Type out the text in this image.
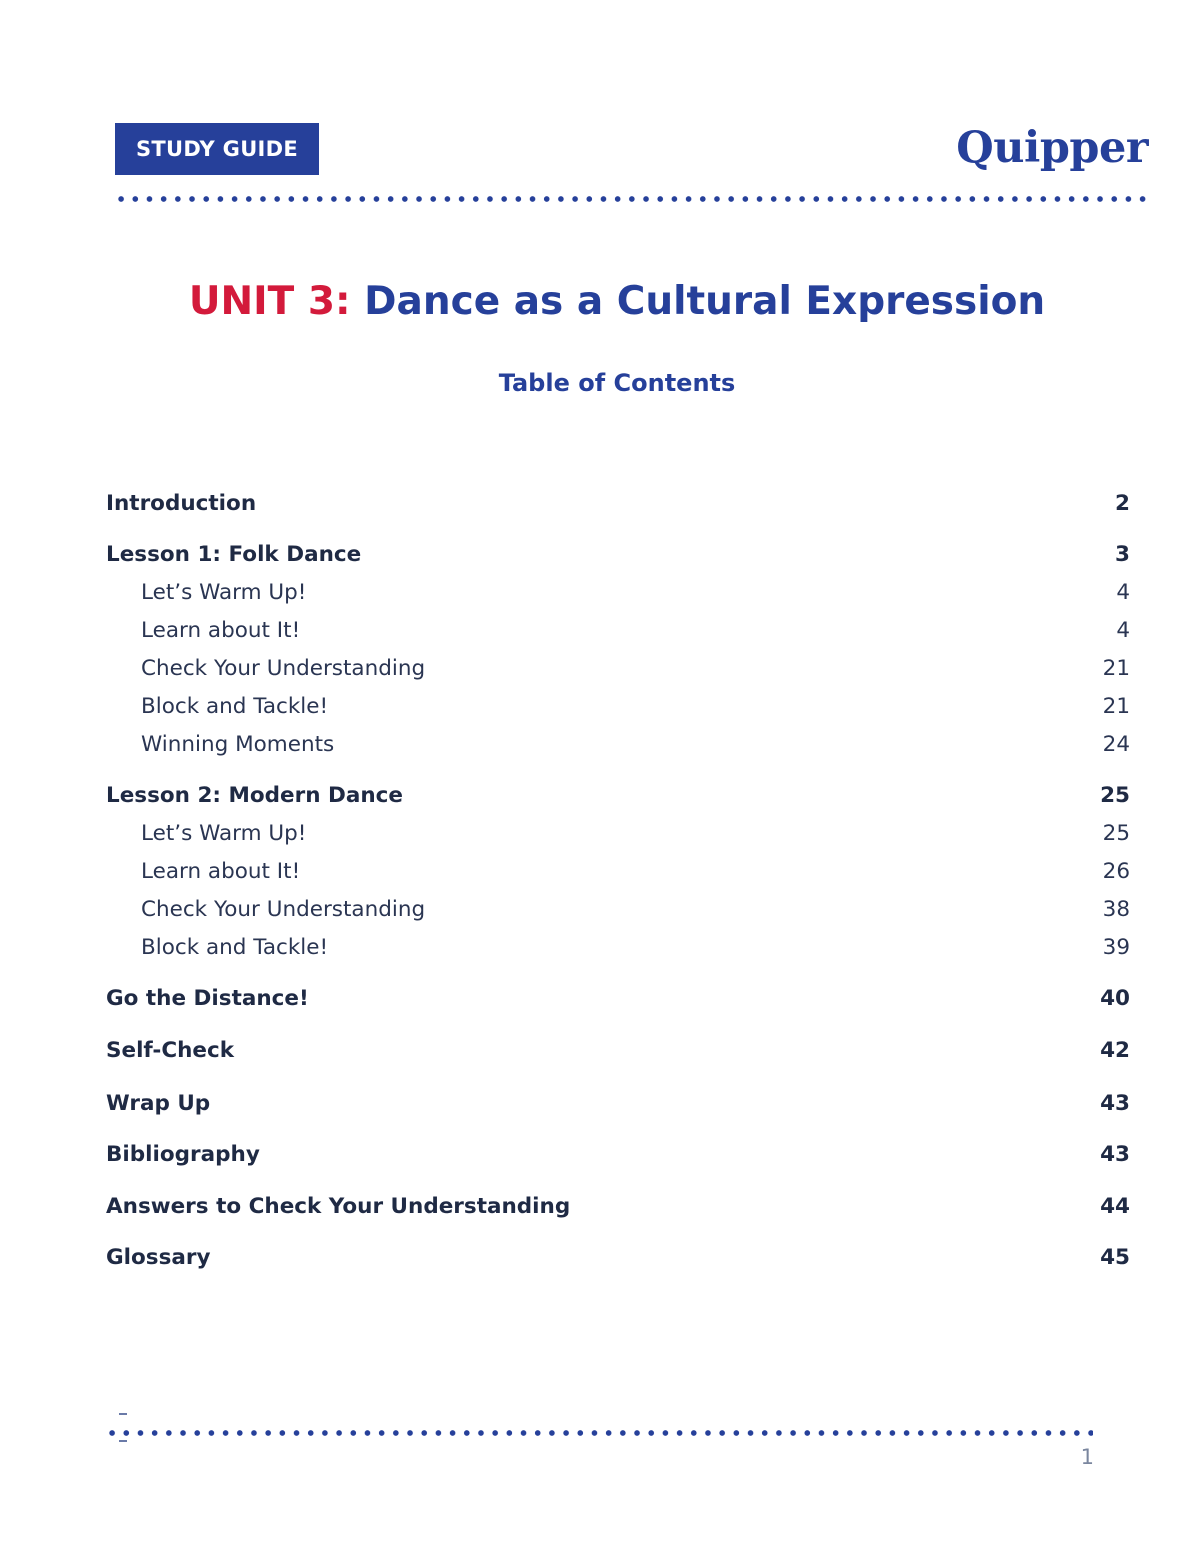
STUDY GUIDE	Quipper
UNIT 3: Dance as a Cultural Expression
Table of Contents
Introduction	2
Lesson 1: Folk Dance	3
Let’s Warm Up!	4
Learn about It!	4
Check Your Understanding	21
Block and Tackle!	21
Winning Moments	24
Lesson 2: Modern Dance	25
Let’s Warm Up!	25
Learn about It!	26
Check Your Understanding	38
Block and Tackle!	39
Go the Distance!	40
Self-Check	42
Wrap Up	43
Bibliography	43
Answers to Check Your Understanding	44
Glossary	45
1
